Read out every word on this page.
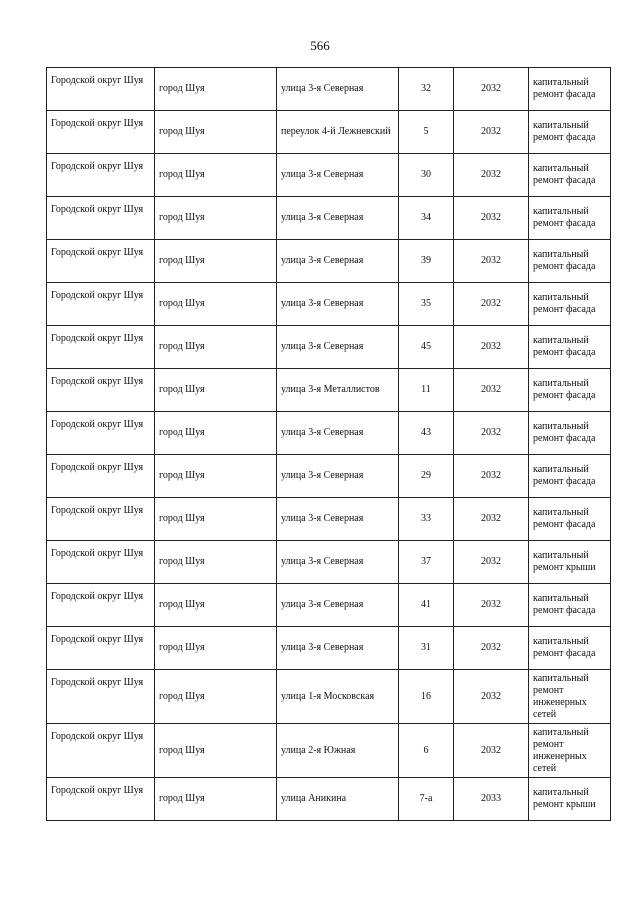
566
Городской округ Шуя	город Шуя	улица 3-я Северная	32	2032	капитальный ремонт фасада

Городской округ Шуя	город Шуя	переулок 4-й Лежневский	5	2032	капитальный ремонт фасада

Городской округ Шуя	город Шуя	улица 3-я Северная	30	2032	капитальный ремонт фасада

Городской округ Шуя	город Шуя	улица 3-я Северная	34	2032	капитальный ремонт фасада

Городской округ Шуя	город Шуя	улица 3-я Северная	39	2032	капитальный ремонт фасада

Городской округ Шуя	город Шуя	улица 3-я Северная	35	2032	капитальный ремонт фасада

Городской округ Шуя	город Шуя	улица 3-я Северная	45	2032	капитальный ремонт фасада

Городской округ Шуя	город Шуя	улица 3-я Металлистов	11	2032	капитальный ремонт фасада

Городской округ Шуя	город Шуя	улица 3-я Северная	43	2032	капитальный ремонт фасада

Городской округ Шуя	город Шуя	улица 3-я Северная	29	2032	капитальный ремонт фасада

Городской округ Шуя	город Шуя	улица 3-я Северная	33	2032	капитальный ремонт фасада

Городской округ Шуя	город Шуя	улица 3-я Северная	37	2032	капитальный ремонт крыши

Городской округ Шуя	город Шуя	улица 3-я Северная	41	2032	капитальный ремонт фасада

Городской округ Шуя	город Шуя	улица 3-я Северная	31	2032	капитальный ремонт фасада

Городской округ Шуя	город Шуя	улица 1-я Московская	16	2032	капитальный ремонт инженерных сетей

Городской округ Шуя	город Шуя	улица 2-я Южная	6	2032	капитальный ремонт инженерных сетей

Городской округ Шуя	город Шуя	улица Аникина	7-а	2033	капитальный ремонт крыши
